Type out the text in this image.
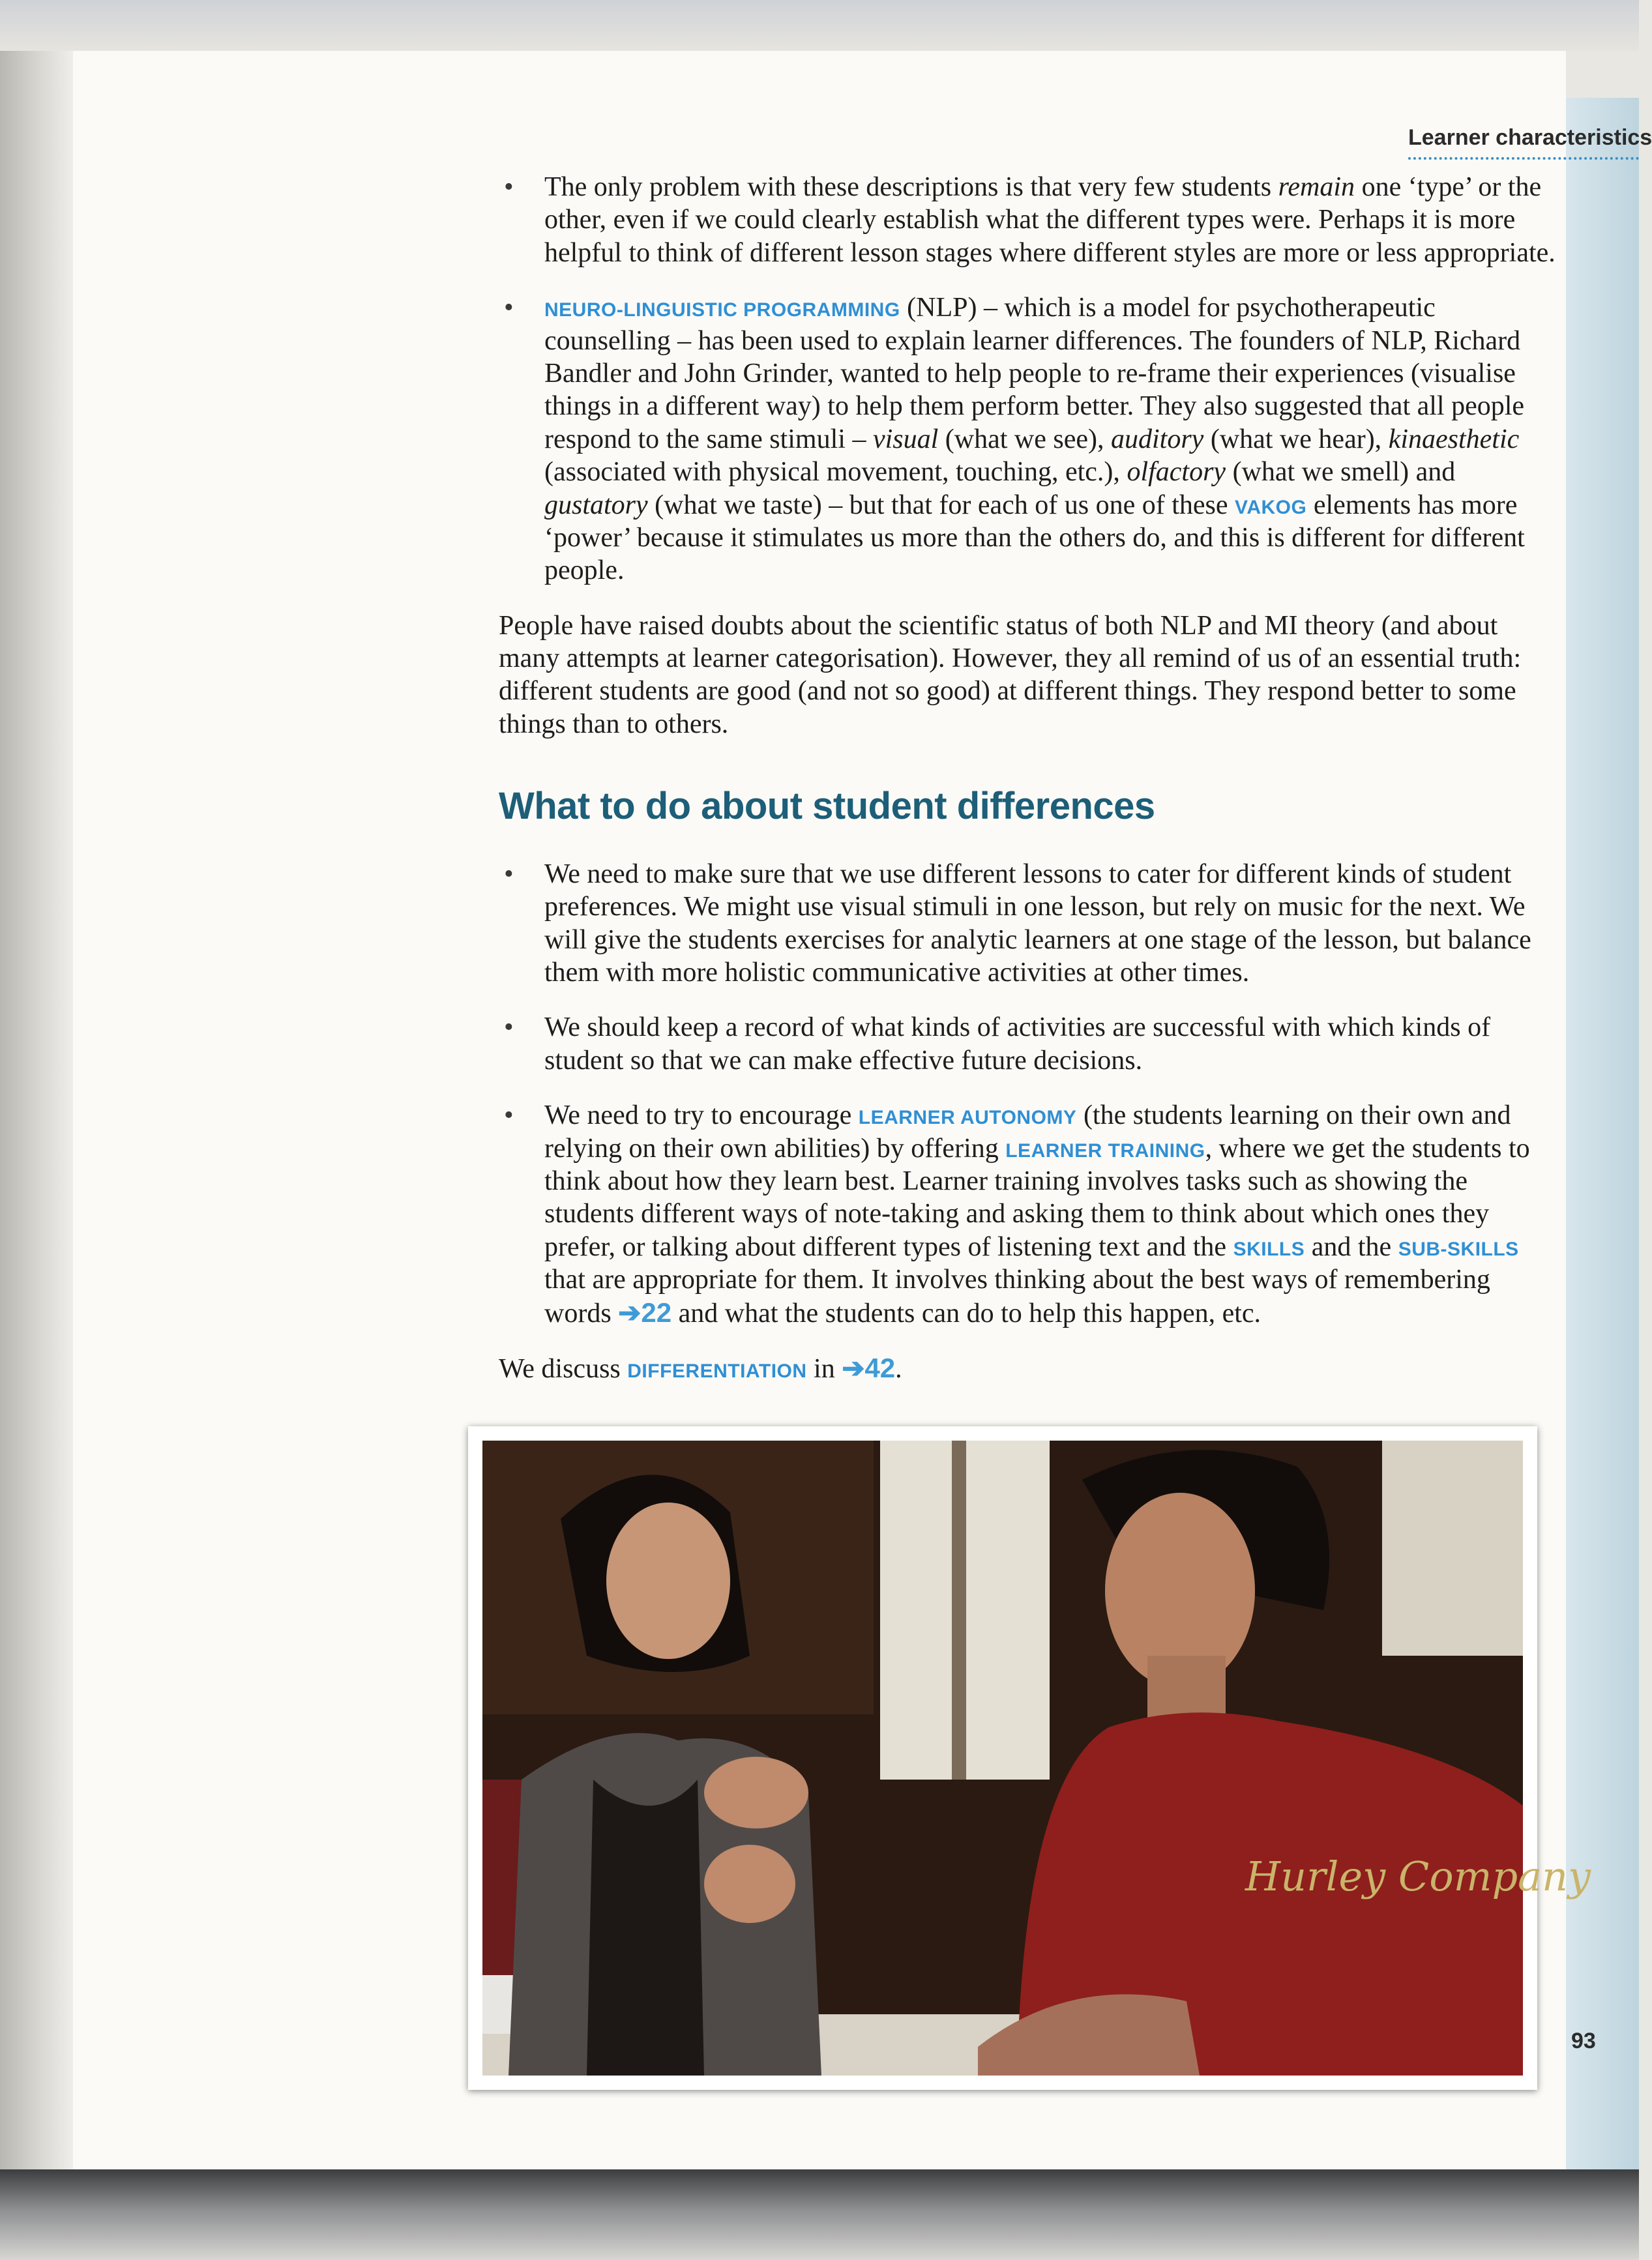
Learner characteristics
• The only problem with these descriptions is that very few students remain one ‘type’ or the other, even if we could clearly establish what the different types were. Perhaps it is more helpful to think of different lesson stages where different styles are more or less appropriate.
• NEURO-LINGUISTIC PROGRAMMING (NLP) – which is a model for psychotherapeutic counselling – has been used to explain learner differences. The founders of NLP, Richard Bandler and John Grinder, wanted to help people to re-frame their experiences (visualise things in a different way) to help them perform better. They also suggested that all people respond to the same stimuli – visual (what we see), auditory (what we hear), kinaesthetic (associated with physical movement, touching, etc.), olfactory (what we smell) and gustatory (what we taste) – but that for each of us one of these VAKOG elements has more ‘power’ because it stimulates us more than the others do, and this is different for different people.

People have raised doubts about the scientific status of both NLP and MI theory (and about many attempts at learner categorisation). However, they all remind of us of an essential truth: different students are good (and not so good) at different things. They respond better to some things than to others.

What to do about student differences
• We need to make sure that we use different lessons to cater for different kinds of student preferences. We might use visual stimuli in one lesson, but rely on music for the next. We will give the students exercises for analytic learners at one stage of the lesson, but balance them with more holistic communicative activities at other times.
• We should keep a record of what kinds of activities are successful with which kinds of student so that we can make effective future decisions.
• We need to try to encourage LEARNER AUTONOMY (the students learning on their own and relying on their own abilities) by offering LEARNER TRAINING, where we get the students to think about how they learn best. Learner training involves tasks such as showing the students different ways of note-taking and asking them to think about which ones they prefer, or talking about different types of listening text and the SKILLS and the SUB-SKILLS that are appropriate for them. It involves thinking about the best ways of remembering words ➔22 and what the students can do to help this happen, etc.

We discuss DIFFERENTIATION in ➔42.

Hurley Company
93
